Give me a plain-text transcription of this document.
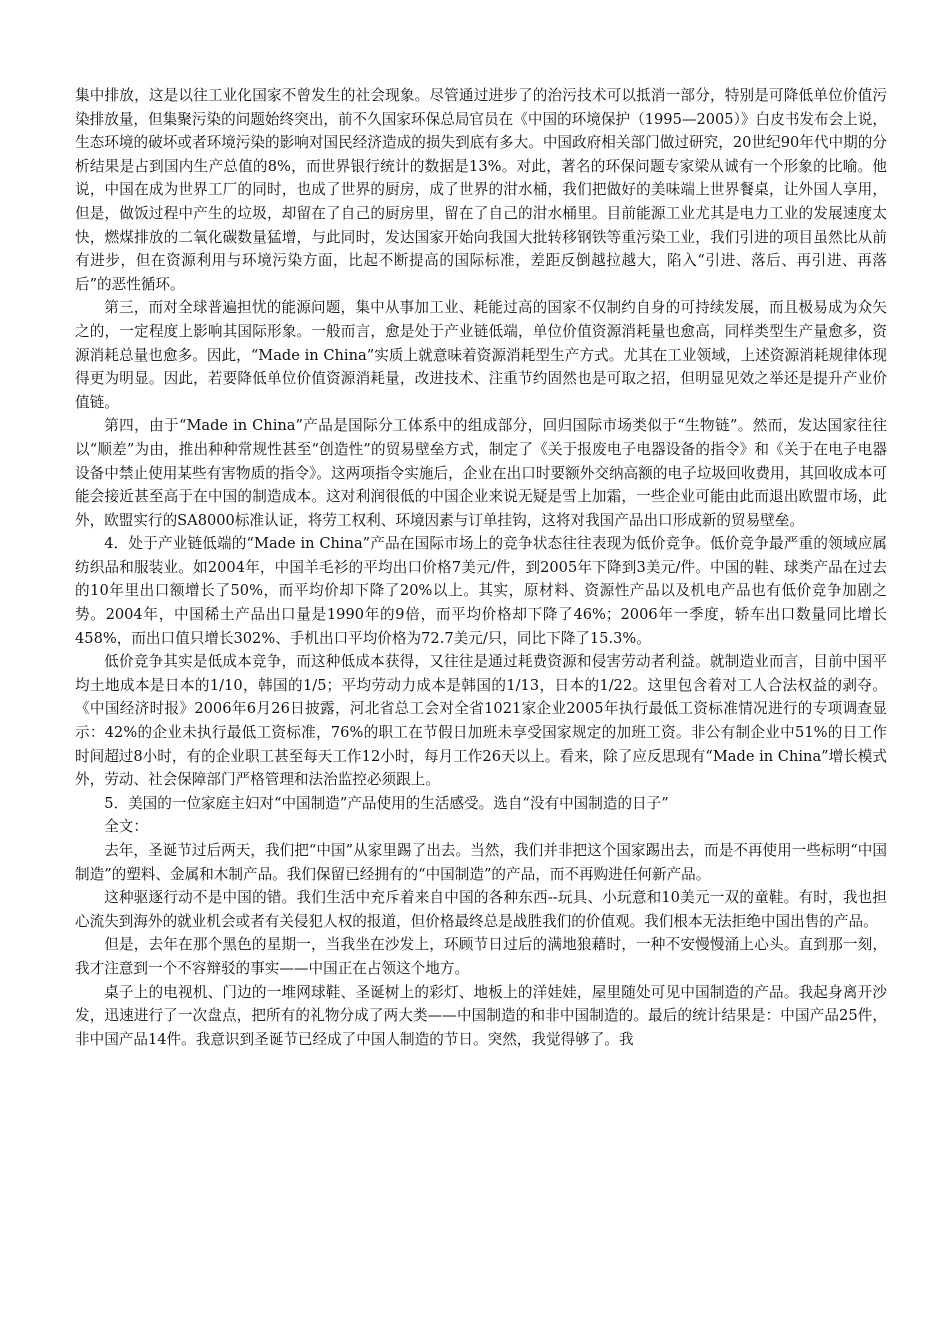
集中排放，这是以往工业化国家不曾发生的社会现象。尽管通过进步了的治污技术可以抵消一部分，特别是可降低单位价值污染排放量，但集聚污染的问题始终突出，前不久国家环保总局官员在《中国的环境保护（1995—2005）》白皮书发布会上说，生态环境的破坏或者环境污染的影响对国民经济造成的损失到底有多大。中国政府相关部门做过研究，20世纪90年代中期的分析结果是占到国内生产总值的8%，而世界银行统计的数据是13%。对此，著名的环保问题专家梁从诚有一个形象的比喻。他说，中国在成为世界工厂的同时，也成了世界的厨房，成了世界的泔水桶，我们把做好的美味端上世界餐桌，让外国人享用，但是，做饭过程中产生的垃圾，却留在了自己的厨房里，留在了自己的泔水桶里。目前能源工业尤其是电力工业的发展速度太快，燃煤排放的二氧化碳数量猛增，与此同时，发达国家开始向我国大批转移钢铁等重污染工业，我们引进的项目虽然比从前有进步，但在资源利用与环境污染方面，比起不断提高的国际标准，差距反倒越拉越大，陷入“引进、落后、再引进、再落后”的恶性循环。

第三，而对全球普遍担忧的能源问题，集中从事加工业、耗能过高的国家不仅制约自身的可持续发展，而且极易成为众矢之的，一定程度上影响其国际形象。一般而言，愈是处于产业链低端，单位价值资源消耗量也愈高，同样类型生产量愈多，资源消耗总量也愈多。因此，“Made in China”实质上就意味着资源消耗型生产方式。尤其在工业领域，上述资源消耗规律体现得更为明显。因此，若要降低单位价值资源消耗量，改进技术、注重节约固然也是可取之招，但明显见效之举还是提升产业价值链。

第四，由于“Made in China”产品是国际分工体系中的组成部分，回归国际市场类似于“生物链”。然而，发达国家往往以“顺差”为由，推出种种常规性甚至“创造性”的贸易壁垒方式，制定了《关于报废电子电器设备的指令》和《关于在电子电器设备中禁止使用某些有害物质的指令》。这两项指令实施后，企业在出口时要额外交纳高额的电子垃圾回收费用，其回收成本可能会接近甚至高于在中国的制造成本。这对利润很低的中国企业来说无疑是雪上加霜，一些企业可能由此而退出欧盟市场，此外，欧盟实行的SA8000标准认证，将劳工权利、环境因素与订单挂钩，这将对我国产品出口形成新的贸易壁垒。

4．处于产业链低端的“Made in China”产品在国际市场上的竞争状态往往表现为低价竞争。低价竞争最严重的领域应属纺织品和服装业。如2004年，中国羊毛衫的平均出口价格7美元/件，到2005年下降到3美元/件。中国的鞋、球类产品在过去的10年里出口额增长了50%，而平均价却下降了20%以上。其实，原材料、资源性产品以及机电产品也有低价竞争加剧之势。2004年，中国稀土产品出口量是1990年的9倍，而平均价格却下降了46%；2006年一季度，轿车出口数量同比增长458%，而出口值只增长302%、手机出口平均价格为72.7美元/只，同比下降了15.3%。

低价竞争其实是低成本竞争，而这种低成本获得，又往往是通过耗费资源和侵害劳动者利益。就制造业而言，目前中国平均土地成本是日本的1/10，韩国的1/5；平均劳动力成本是韩国的1/13，日本的1/22。这里包含着对工人合法权益的剥夺。《中国经济时报》2006年6月26日披露，河北省总工会对全省1021家企业2005年执行最低工资标准情况进行的专项调查显示：42%的企业未执行最低工资标准，76%的职工在节假日加班未享受国家规定的加班工资。非公有制企业中51%的日工作时间超过8小时，有的企业职工甚至每天工作12小时，每月工作26天以上。看来，除了应反思现有“Made in China”增长模式外，劳动、社会保障部门严格管理和法治监控必须跟上。

5．美国的一位家庭主妇对“中国制造”产品使用的生活感受。选自“没有中国制造的日子”

全文：

去年，圣诞节过后两天，我们把“中国”从家里踢了出去。当然，我们并非把这个国家踢出去，而是不再使用一些标明“中国制造”的塑料、金属和木制产品。我们保留已经拥有的“中国制造”的产品，而不再购进任何新产品。

这种驱逐行动不是中国的错。我们生活中充斥着来自中国的各种东西--玩具、小玩意和10美元一双的童鞋。有时，我也担心流失到海外的就业机会或者有关侵犯人权的报道，但价格最终总是战胜我们的价值观。我们根本无法拒绝中国出售的产品。

但是，去年在那个黑色的星期一，当我坐在沙发上，环顾节日过后的满地狼藉时，一种不安慢慢涌上心头。直到那一刻，我才注意到一个不容辩驳的事实——中国正在占领这个地方。

桌子上的电视机、门边的一堆网球鞋、圣诞树上的彩灯、地板上的洋娃娃，屋里随处可见中国制造的产品。我起身离开沙发，迅速进行了一次盘点，把所有的礼物分成了两大类——中国制造的和非中国制造的。最后的统计结果是：中国产品25件，非中国产品14件。我意识到圣诞节已经成了中国人制造的节日。突然，我觉得够了。我
